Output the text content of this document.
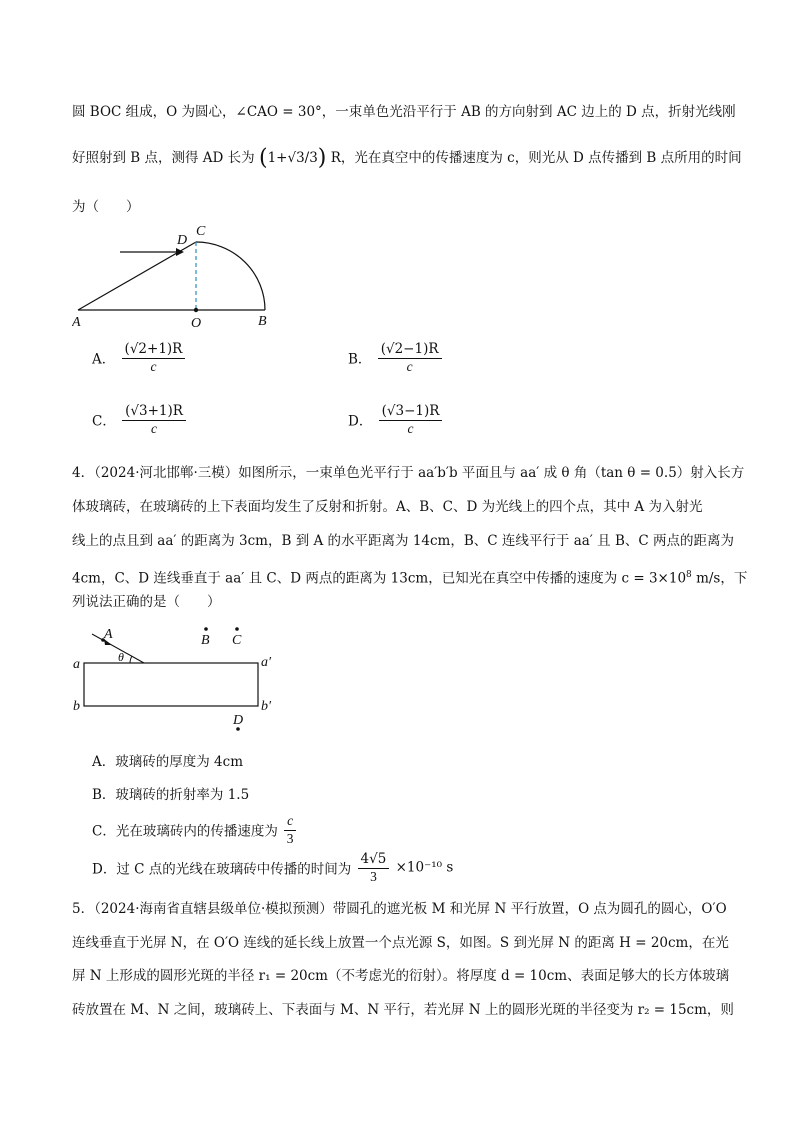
圆 BOC 组成，O 为圆心，∠CAO = 30°，一束单色光沿平行于 AB 的方向射到 AC 边上的 D 点，折射光线刚
好照射到 B 点，测得 AD 长为 (1+√3/3) R，光在真空中的传播速度为 c，则光从 D 点传播到 B 点所用的时间
为（　　）
A	O	B
D
C
A． $\frac{(√2+1)R}{c}$	B． $\frac{(√2-1)R}{c}$
C． $\frac{(√3+1)R}{c}$	D． $\frac{(√3-1)R}{c}$
4．（2024·河北邯郸·三模）如图所示，一束单色光平行于 aa′b′b 平面且与 aa′ 成 θ 角（tan θ = 0.5）射入长方
体玻璃砖，在玻璃砖的上下表面均发生了反射和折射。A、B、C、D 为光线上的四个点，其中 A 为入射光
线上的点且到 aa′ 的距离为 3cm，B 到 A 的水平距离为 14cm，B、C 连线平行于 aa′ 且 B、C 两点的距离为
4cm，C、D 连线垂直于 aa′ 且 C、D 两点的距离为 13cm，已知光在真空中传播的速度为 $c = 3\times 10^8$ m/s，下
列说法正确的是（　　）
A	B C
D
a	a′
b	b′
θ
A．玻璃砖的厚度为 4cm
B．玻璃砖的折射率为 1.5
C．光在玻璃砖内的传播速度为 $\frac{c}{3}$
D．过 C 点的光线在玻璃砖中传播的时间为 $\frac{4√5}{3} \times 10^{-10}$ s
5．（2024·海南省直辖县级单位·模拟预测）带圆孔的遮光板 M 和光屏 N 平行放置，O 点为圆孔的圆心，O′O
连线垂直于光屏 N，在 O′O 连线的延长线上放置一个点光源 S，如图。S 到光屏 N 的距离 H = 20cm，在光
屏 N 上形成的圆形光斑的半径 r₁ = 20cm（不考虑光的衍射）。将厚度 d = 10cm、表面足够大的长方体玻璃
砖放置在 M、N 之间，玻璃砖上、下表面与 M、N 平行，若光屏 N 上的圆形光斑的半径变为 r₂ = 15cm，则
